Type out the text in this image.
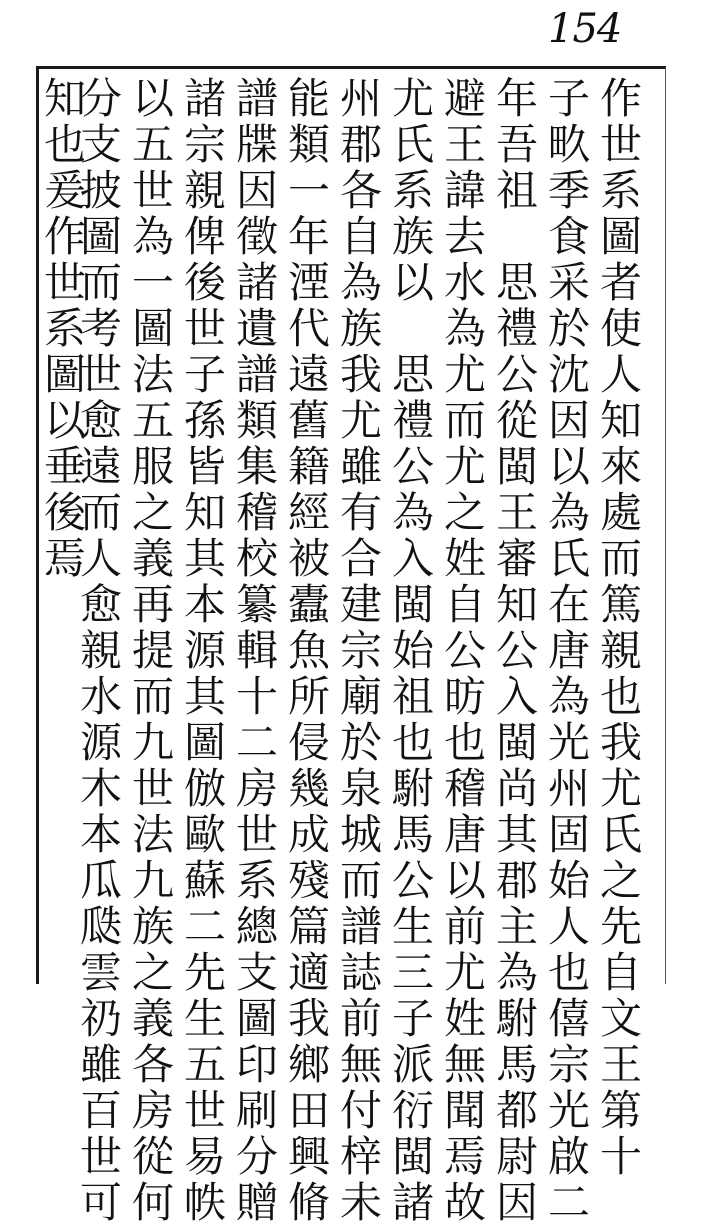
154
作世系圖者使人知來處而篤親也我尤氏之先自文王第十
子畂季食采於沈因以為氏在唐為光州固始人也僖宗光啟二
年吾祖　思禮公從閩王審知公入閩尚其郡主為駙馬都尉因
避王諱去水為尤而尤之姓自公昉也稽唐以前尤姓無聞焉故
尤氏系族以　思禮公為入閩始祖也駙馬公生三子派衍閩諸
州郡各自為族我尤雖有合建宗廟於泉城而譜誌前無付梓未
能類一年湮代遠舊籍經被蠹魚所侵幾成殘篇適我鄉田興脩
譜牒因徵諸遺譜類集稽校纂輯十二房世系總支圖印刷分贈
諸宗親俾後世子孫皆知其本源其圖倣歐蘇二先生五世易帙
以五世為一圖法五服之義再提而九世法九族之義各房從何
分支披圖而考世愈遠而人愈親水源木本瓜瓞雲礽雖百世可
知也爰作世系圖以垂後焉
